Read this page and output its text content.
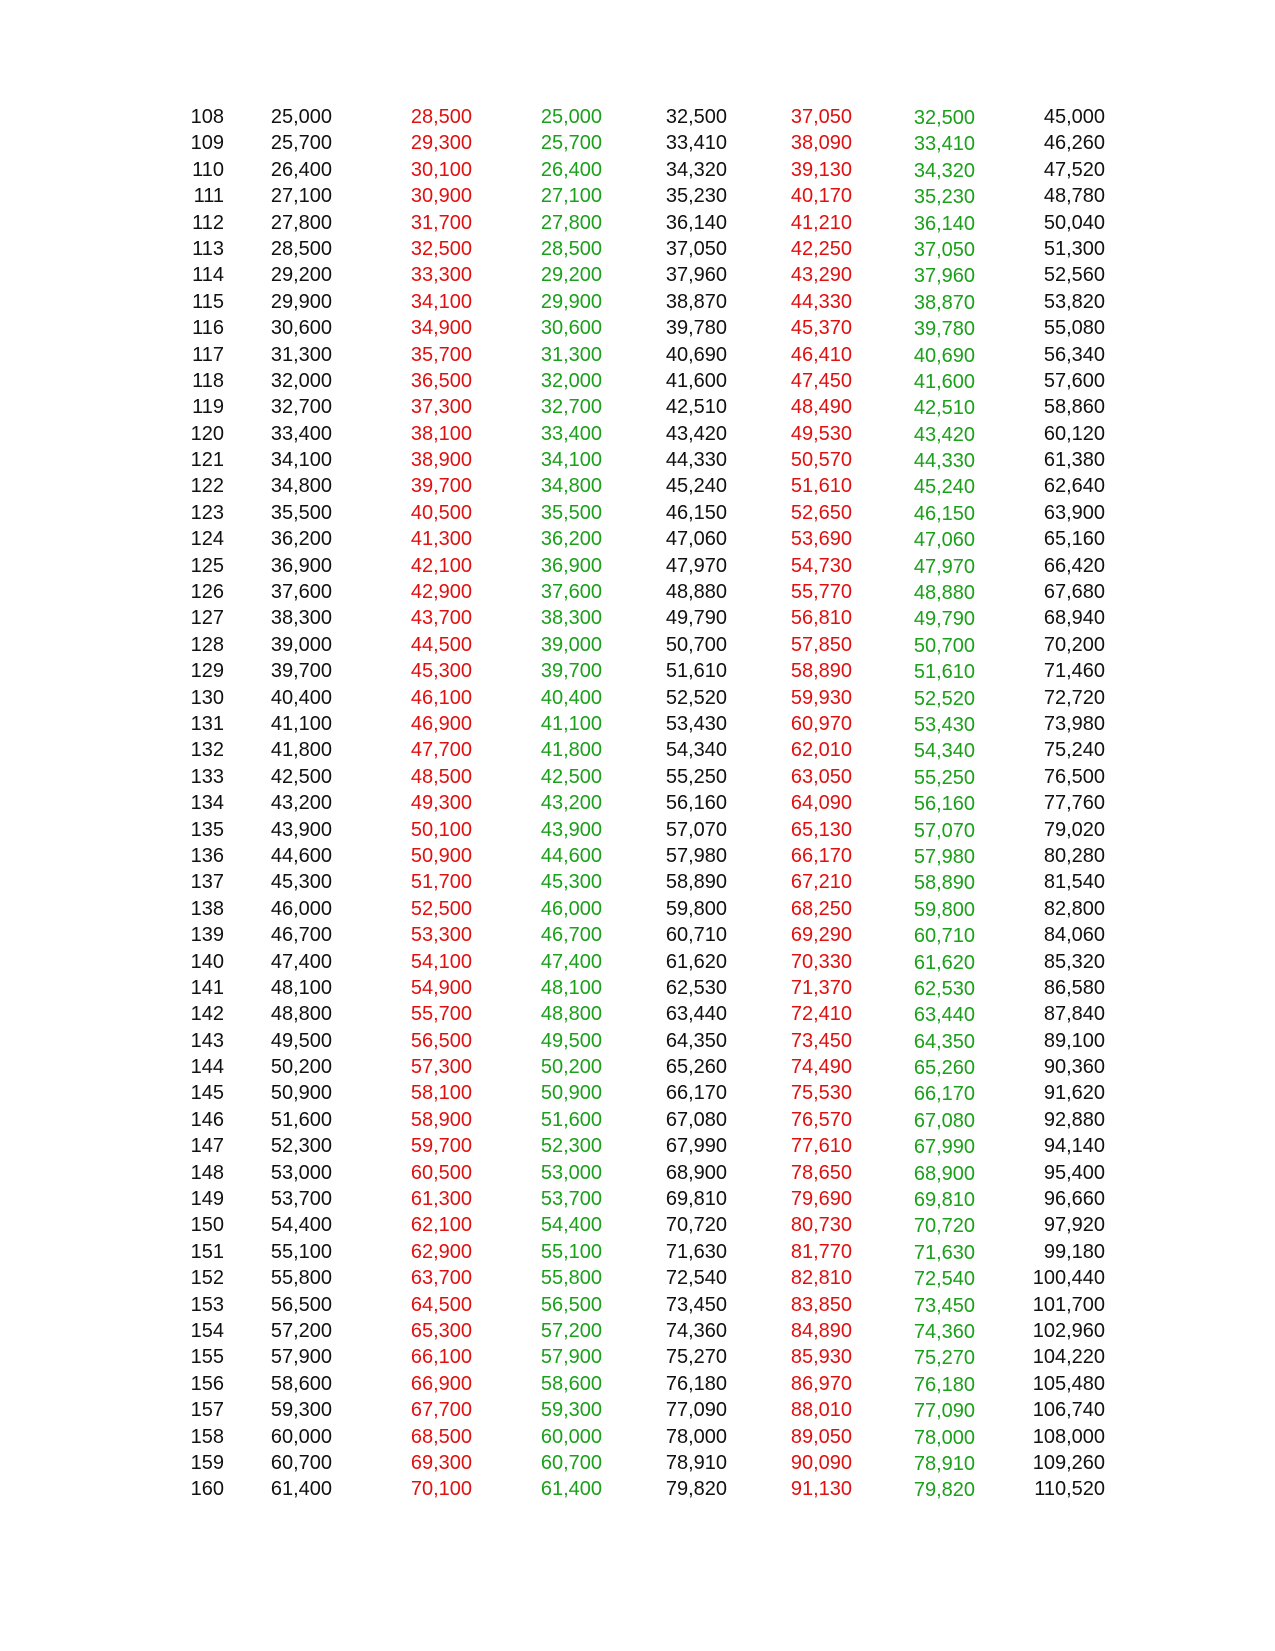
108	25,000	28,500	25,000	32,500	37,050	32,500	45,000
109	25,700	29,300	25,700	33,410	38,090	33,410	46,260
110	26,400	30,100	26,400	34,320	39,130	34,320	47,520
111	27,100	30,900	27,100	35,230	40,170	35,230	48,780
112	27,800	31,700	27,800	36,140	41,210	36,140	50,040
113	28,500	32,500	28,500	37,050	42,250	37,050	51,300
114	29,200	33,300	29,200	37,960	43,290	37,960	52,560
115	29,900	34,100	29,900	38,870	44,330	38,870	53,820
116	30,600	34,900	30,600	39,780	45,370	39,780	55,080
117	31,300	35,700	31,300	40,690	46,410	40,690	56,340
118	32,000	36,500	32,000	41,600	47,450	41,600	57,600
119	32,700	37,300	32,700	42,510	48,490	42,510	58,860
120	33,400	38,100	33,400	43,420	49,530	43,420	60,120
121	34,100	38,900	34,100	44,330	50,570	44,330	61,380
122	34,800	39,700	34,800	45,240	51,610	45,240	62,640
123	35,500	40,500	35,500	46,150	52,650	46,150	63,900
124	36,200	41,300	36,200	47,060	53,690	47,060	65,160
125	36,900	42,100	36,900	47,970	54,730	47,970	66,420
126	37,600	42,900	37,600	48,880	55,770	48,880	67,680
127	38,300	43,700	38,300	49,790	56,810	49,790	68,940
128	39,000	44,500	39,000	50,700	57,850	50,700	70,200
129	39,700	45,300	39,700	51,610	58,890	51,610	71,460
130	40,400	46,100	40,400	52,520	59,930	52,520	72,720
131	41,100	46,900	41,100	53,430	60,970	53,430	73,980
132	41,800	47,700	41,800	54,340	62,010	54,340	75,240
133	42,500	48,500	42,500	55,250	63,050	55,250	76,500
134	43,200	49,300	43,200	56,160	64,090	56,160	77,760
135	43,900	50,100	43,900	57,070	65,130	57,070	79,020
136	44,600	50,900	44,600	57,980	66,170	57,980	80,280
137	45,300	51,700	45,300	58,890	67,210	58,890	81,540
138	46,000	52,500	46,000	59,800	68,250	59,800	82,800
139	46,700	53,300	46,700	60,710	69,290	60,710	84,060
140	47,400	54,100	47,400	61,620	70,330	61,620	85,320
141	48,100	54,900	48,100	62,530	71,370	62,530	86,580
142	48,800	55,700	48,800	63,440	72,410	63,440	87,840
143	49,500	56,500	49,500	64,350	73,450	64,350	89,100
144	50,200	57,300	50,200	65,260	74,490	65,260	90,360
145	50,900	58,100	50,900	66,170	75,530	66,170	91,620
146	51,600	58,900	51,600	67,080	76,570	67,080	92,880
147	52,300	59,700	52,300	67,990	77,610	67,990	94,140
148	53,000	60,500	53,000	68,900	78,650	68,900	95,400
149	53,700	61,300	53,700	69,810	79,690	69,810	96,660
150	54,400	62,100	54,400	70,720	80,730	70,720	97,920
151	55,100	62,900	55,100	71,630	81,770	71,630	99,180
152	55,800	63,700	55,800	72,540	82,810	72,540	100,440
153	56,500	64,500	56,500	73,450	83,850	73,450	101,700
154	57,200	65,300	57,200	74,360	84,890	74,360	102,960
155	57,900	66,100	57,900	75,270	85,930	75,270	104,220
156	58,600	66,900	58,600	76,180	86,970	76,180	105,480
157	59,300	67,700	59,300	77,090	88,010	77,090	106,740
158	60,000	68,500	60,000	78,000	89,050	78,000	108,000
159	60,700	69,300	60,700	78,910	90,090	78,910	109,260
160	61,400	70,100	61,400	79,820	91,130	79,820	110,520
